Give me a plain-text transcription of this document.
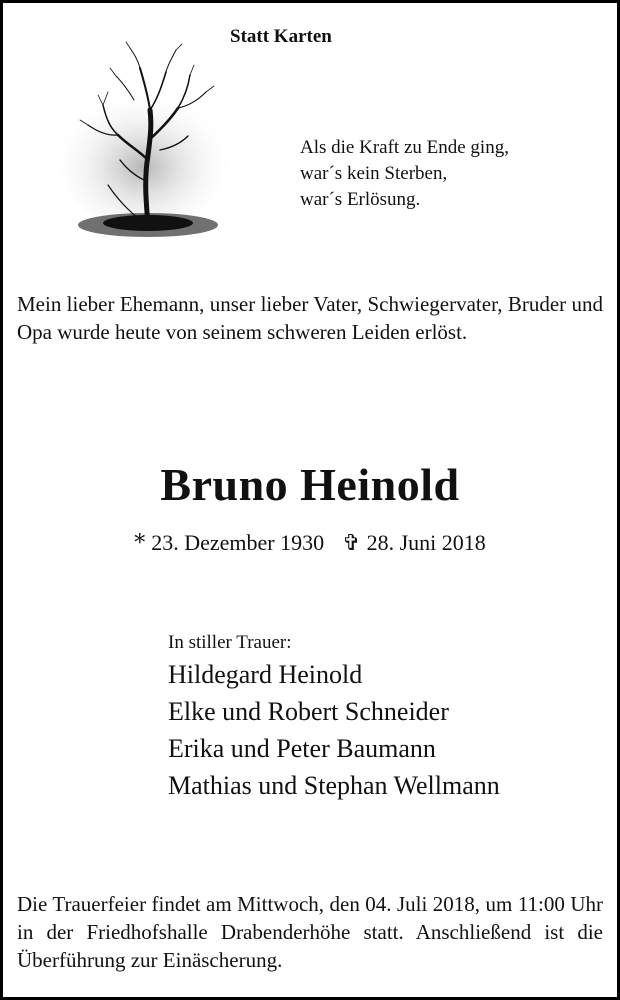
Statt Karten
Als die Kraft zu Ende ging,
war´s kein Sterben,
war´s Erlösung.
Mein lieber Ehemann, unser lieber Vater, Schwiegervater, Bruder und Opa wurde heute von seinem schweren Leiden erlöst.
Bruno Heinold
* 23. Dezember 1930 ✞ 28. Juni 2018
In stiller Trauer:
Hildegard Heinold
Elke und Robert Schneider
Erika und Peter Baumann
Mathias und Stephan Wellmann
Die Trauerfeier findet am Mittwoch, den 04. Juli 2018, um 11:00 Uhr in der Friedhofshalle Drabenderhöhe statt. Anschließend ist die Überführung zur Einäscherung.
